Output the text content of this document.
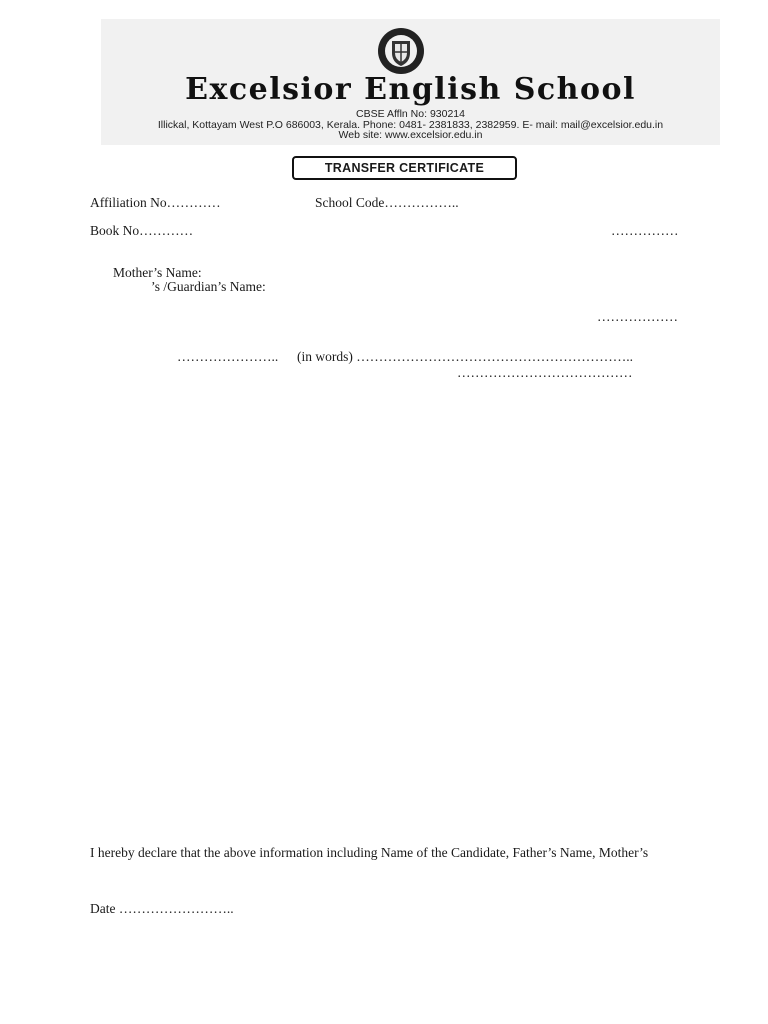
Excelsior English School
CBSE Affln No: 930214
Illickal, Kottayam West P.O 686003, Kerala. Phone: 0481- 2381833, 2382959. E- mail: mail@excelsior.edu.in
Web site: www.excelsior.edu.in
TRANSFER CERTIFICATE
Affiliation No…………	School Code……………..
Book No…………	……………
Mother’s Name:
’s /Guardian’s Name:
………………
………………….. (in words) ……………………………………………………..
…………………………………
I hereby declare that the above information including Name of the Candidate, Father’s Name, Mother’s
Date ……………………..
